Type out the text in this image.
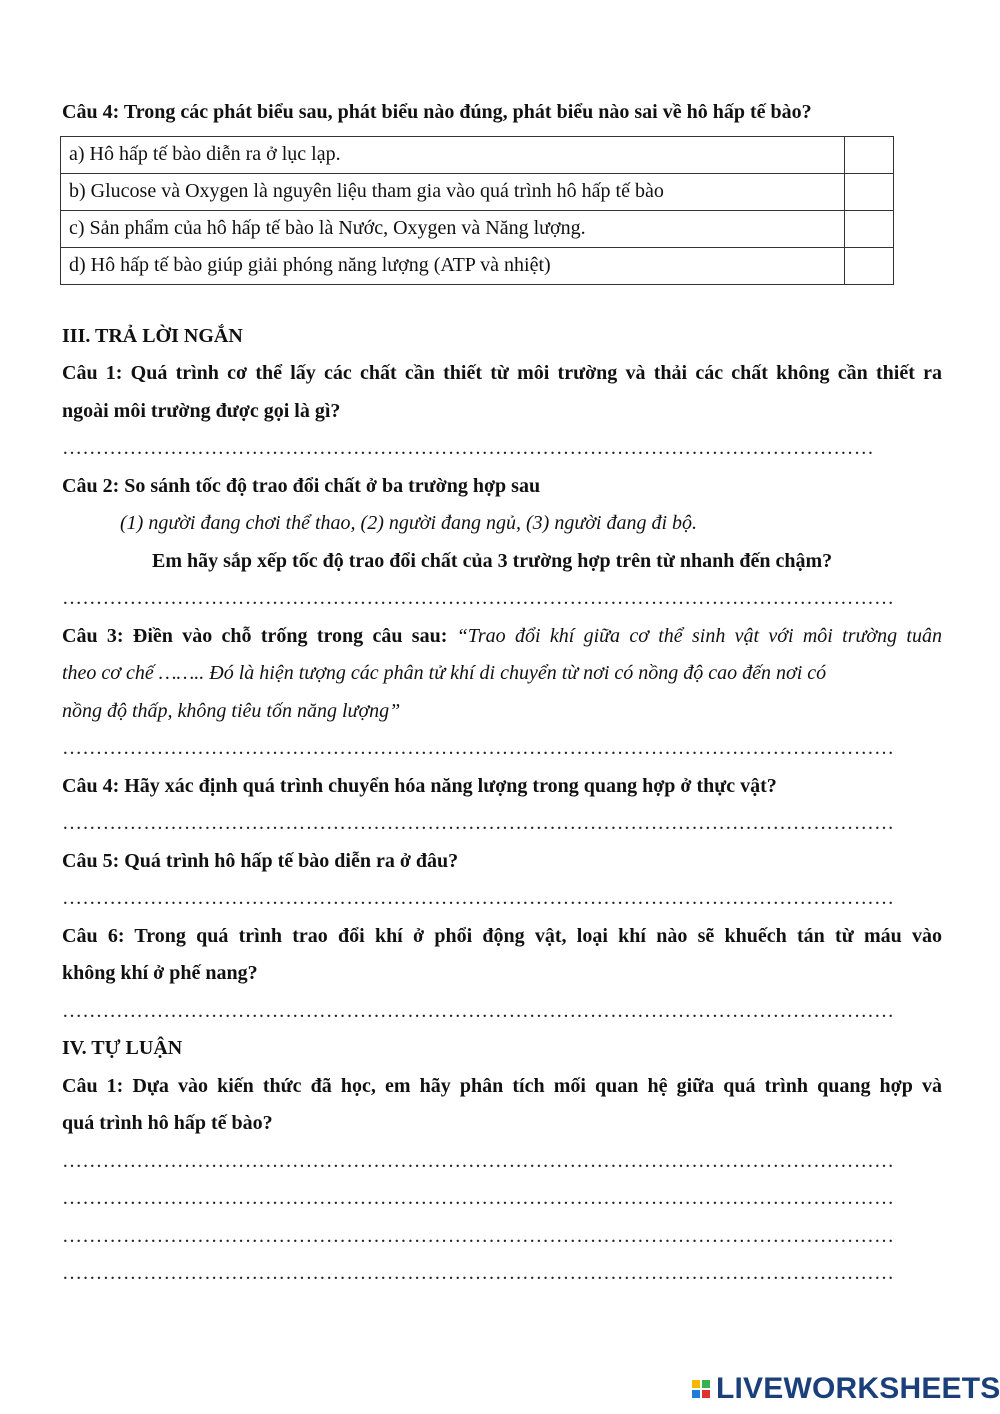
Câu 4: Trong các phát biểu sau, phát biểu nào đúng, phát biểu nào sai về hô hấp tế bào?
a) Hô hấp tế bào diễn ra ở lục lạp.	
b) Glucose và Oxygen là nguyên liệu tham gia vào quá trình hô hấp tế bào	
c) Sản phẩm của hô hấp tế bào là Nước, Oxygen và Năng lượng.	
d) Hô hấp tế bào giúp giải phóng năng lượng (ATP và nhiệt)	
III. TRẢ LỜI NGẮN
Câu 1: Quá trình cơ thể lấy các chất cần thiết từ môi trường và thải các chất không cần thiết ra
ngoài môi trường được gọi là gì?
…………………………………………………………………………………………………………
Câu 2: So sánh tốc độ trao đổi chất ở ba trường hợp sau
(1) người đang chơi thể thao, (2) người đang ngủ, (3) người đang đi bộ.
Em hãy sắp xếp tốc độ trao đổi chất của 3 trường hợp trên từ nhanh đến chậm?
……………………………………………………………………………………………………………
Câu 3: Điền vào chỗ trống trong câu sau: “Trao đổi khí giữa cơ thể sinh vật với môi trường tuân
theo cơ chế …….. Đó là hiện tượng các phân tử khí di chuyển từ nơi có nồng độ cao đến nơi có
nồng độ thấp, không tiêu tốn năng lượng”
……………………………………………………………………………………………………………
Câu 4: Hãy xác định quá trình chuyển hóa năng lượng trong quang hợp ở thực vật?
……………………………………………………………………………………………………………
Câu 5: Quá trình hô hấp tế bào diễn ra ở đâu?
……………………………………………………………………………………………………………
Câu 6: Trong quá trình trao đổi khí ở phổi động vật, loại khí nào sẽ khuếch tán từ máu vào
không khí ở phế nang?
……………………………………………………………………………………………………………
IV. TỰ LUẬN
Câu 1: Dựa vào kiến thức đã học, em hãy phân tích mối quan hệ giữa quá trình quang hợp và
quá trình hô hấp tế bào?
……………………………………………………………………………………………………………
……………………………………………………………………………………………………………
……………………………………………………………………………………………………………
……………………………………………………………………………………………………………
LIVEWORKSHEETS
